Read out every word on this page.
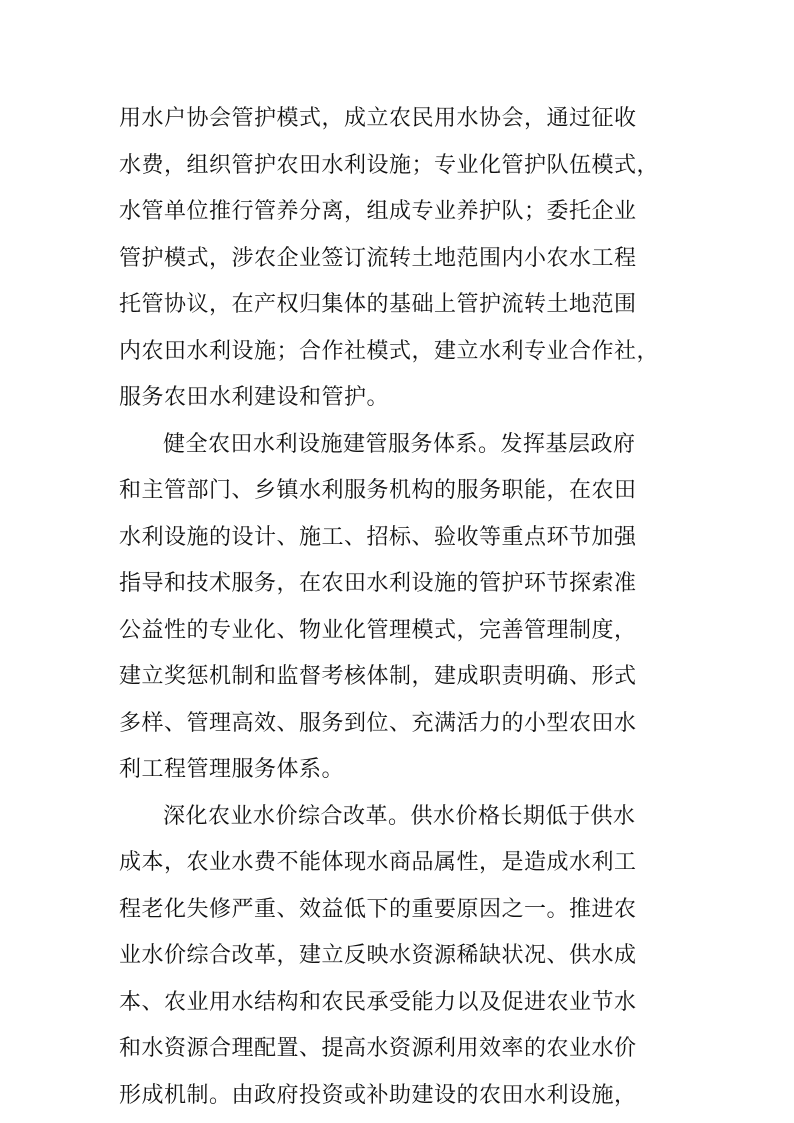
用水户协会管护模式，成立农民用水协会，通过征收
水费，组织管护农田水利设施；专业化管护队伍模式，
水管单位推行管养分离，组成专业养护队；委托企业
管护模式，涉农企业签订流转土地范围内小农水工程
托管协议，在产权归集体的基础上管护流转土地范围
内农田水利设施；合作社模式，建立水利专业合作社，
服务农田水利建设和管护。
健全农田水利设施建管服务体系。发挥基层政府
和主管部门、乡镇水利服务机构的服务职能，在农田
水利设施的设计、施工、招标、验收等重点环节加强
指导和技术服务，在农田水利设施的管护环节探索准
公益性的专业化、物业化管理模式，完善管理制度，
建立奖惩机制和监督考核体制，建成职责明确、形式
多样、管理高效、服务到位、充满活力的小型农田水
利工程管理服务体系。
深化农业水价综合改革。供水价格长期低于供水
成本，农业水费不能体现水商品属性，是造成水利工
程老化失修严重、效益低下的重要原因之一。推进农
业水价综合改革，建立反映水资源稀缺状况、供水成
本、农业用水结构和农民承受能力以及促进农业节水
和水资源合理配置、提高水资源利用效率的农业水价
形成机制。由政府投资或补助建设的农田水利设施，
